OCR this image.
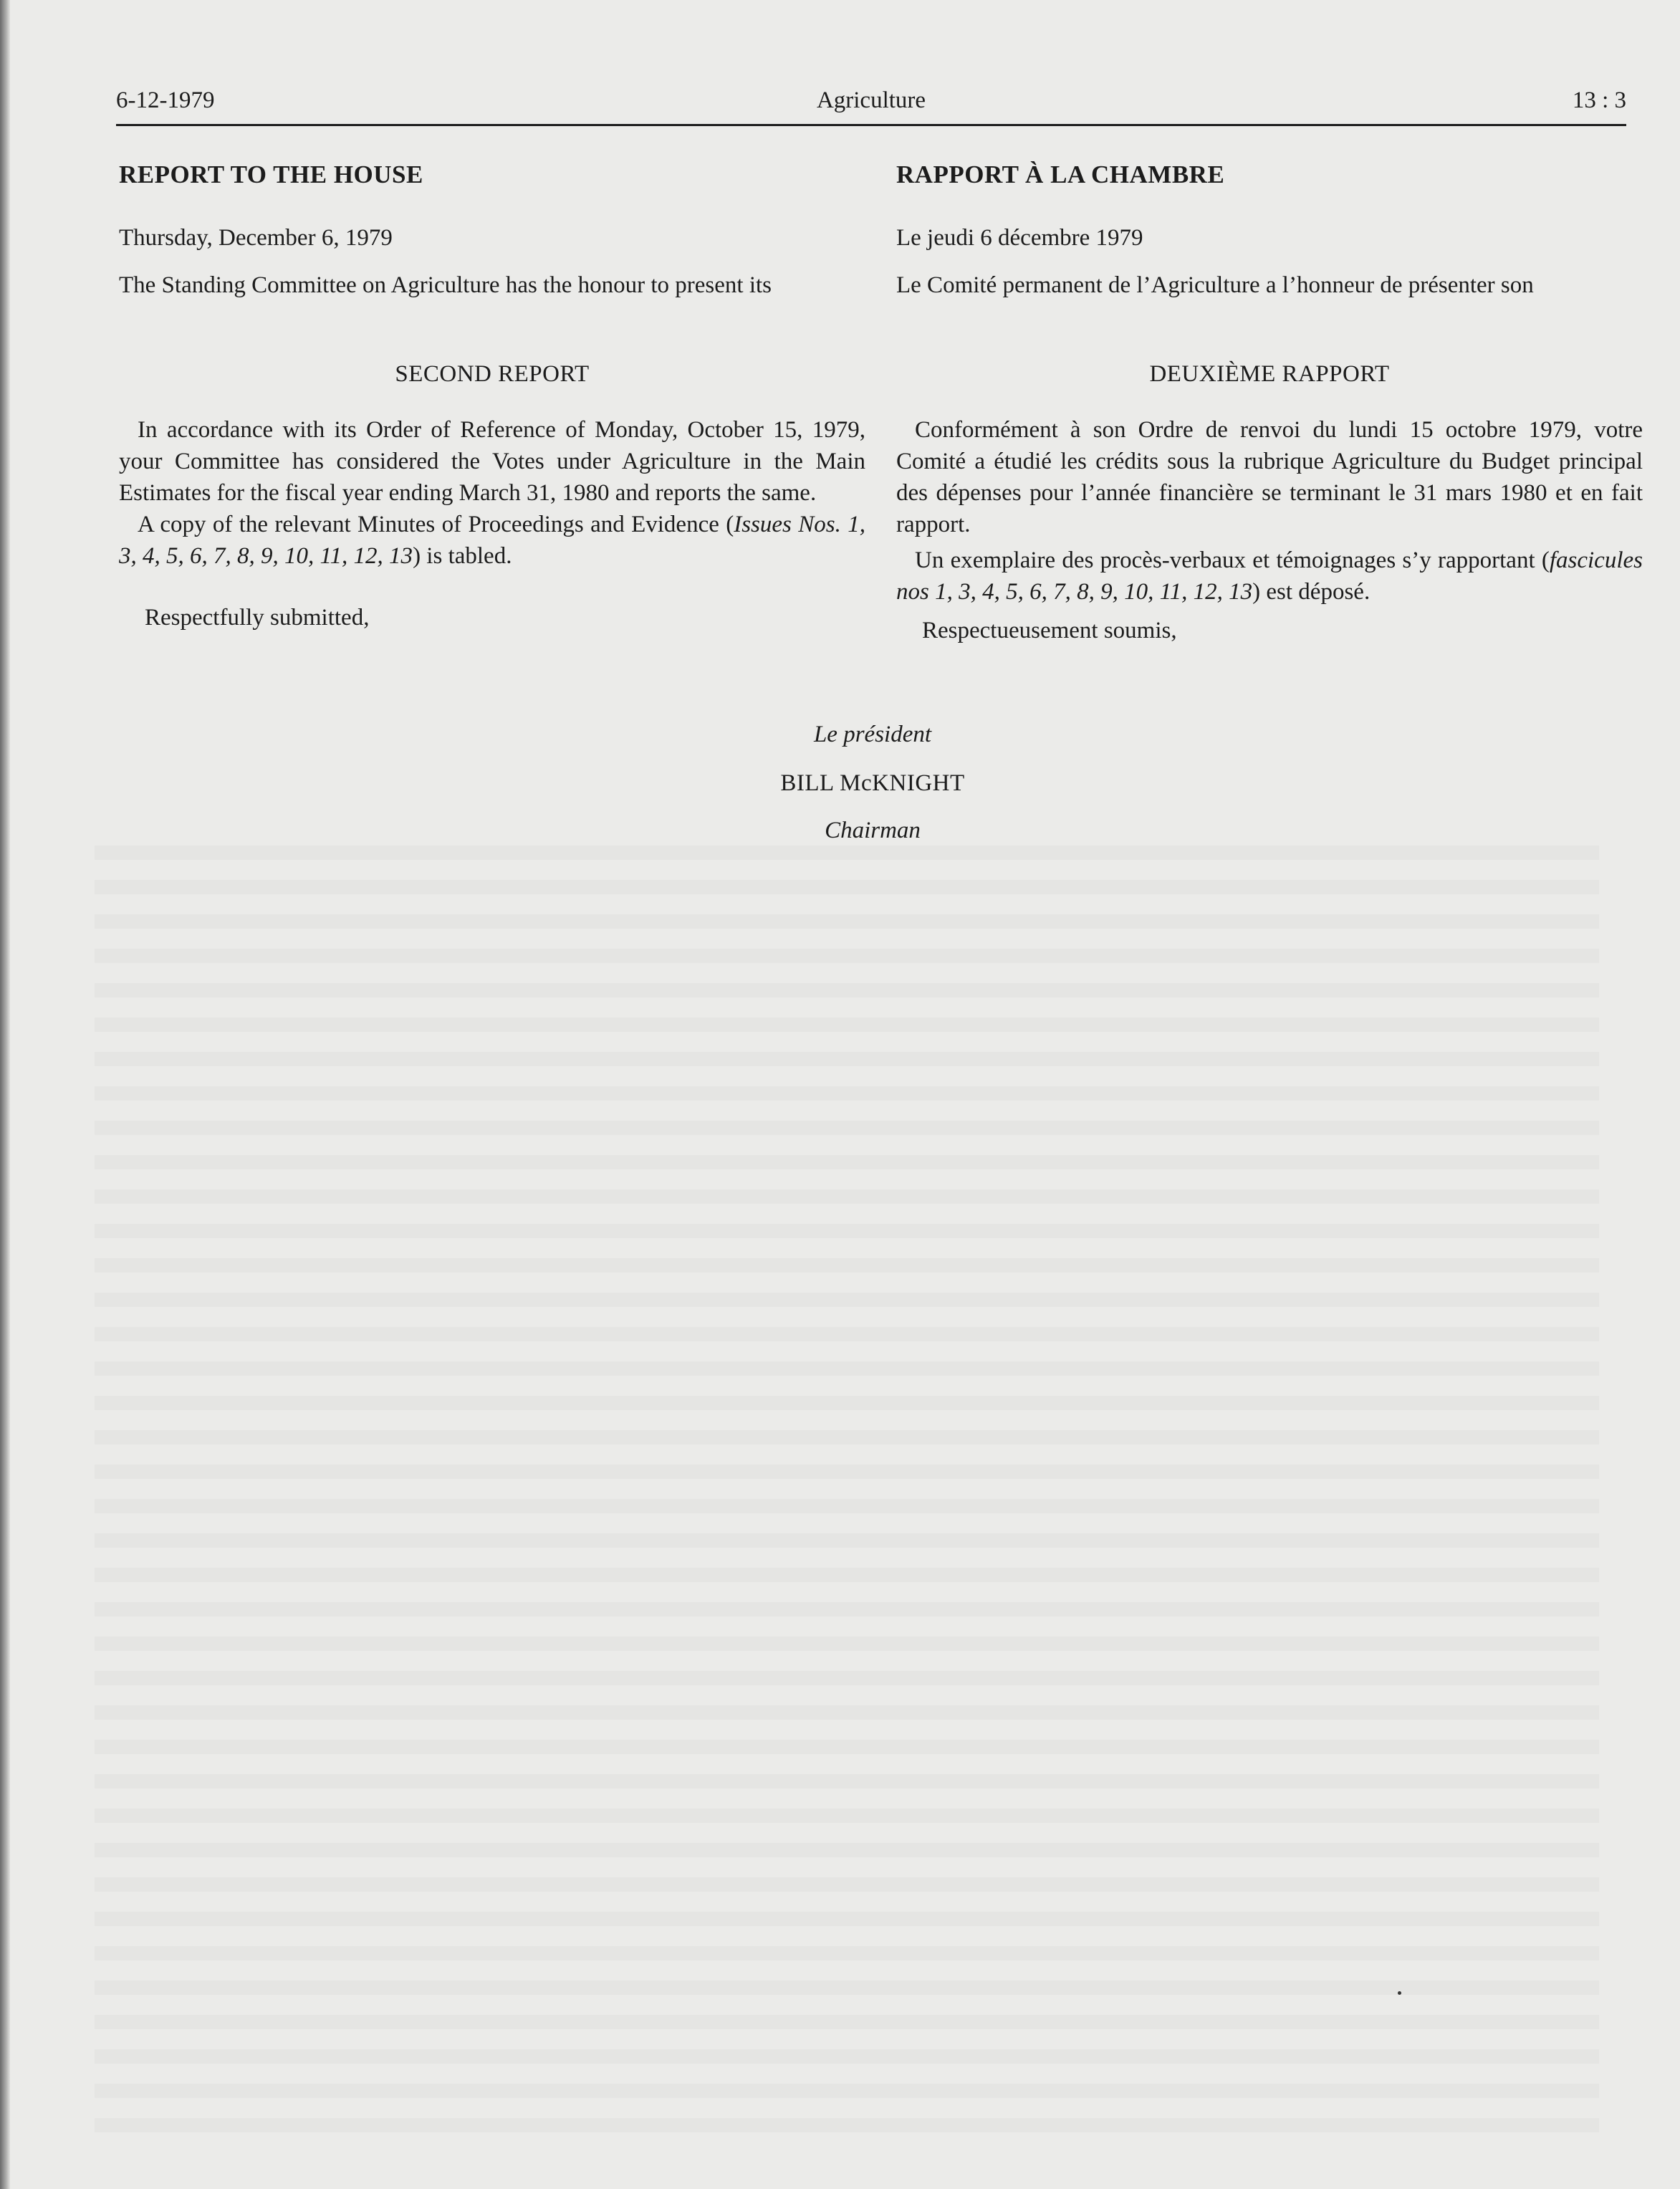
6-12-1979	Agriculture	13 : 3

REPORT TO THE HOUSE

Thursday, December 6, 1979

The Standing Committee on Agriculture has the honour to present its

SECOND REPORT

In accordance with its Order of Reference of Monday, October 15, 1979, your Committee has considered the Votes under Agriculture in the Main Estimates for the fiscal year ending March 31, 1980 and reports the same.

A copy of the relevant Minutes of Proceedings and Evidence (Issues Nos. 1, 3, 4, 5, 6, 7, 8, 9, 10, 11, 12, 13) is tabled.

Respectfully submitted,

RAPPORT À LA CHAMBRE

Le jeudi 6 décembre 1979

Le Comité permanent de l’Agriculture a l’honneur de présenter son

DEUXIÈME RAPPORT

Conformément à son Ordre de renvoi du lundi 15 octobre 1979, votre Comité a étudié les crédits sous la rubrique Agriculture du Budget principal des dépenses pour l’année financière se terminant le 31 mars 1980 et en fait rapport.

Un exemplaire des procès-verbaux et témoignages s’y rapportant (fascicules nos 1, 3, 4, 5, 6, 7, 8, 9, 10, 11, 12, 13) est déposé.

Respectueusement soumis,

Le président
BILL McKNIGHT
Chairman
